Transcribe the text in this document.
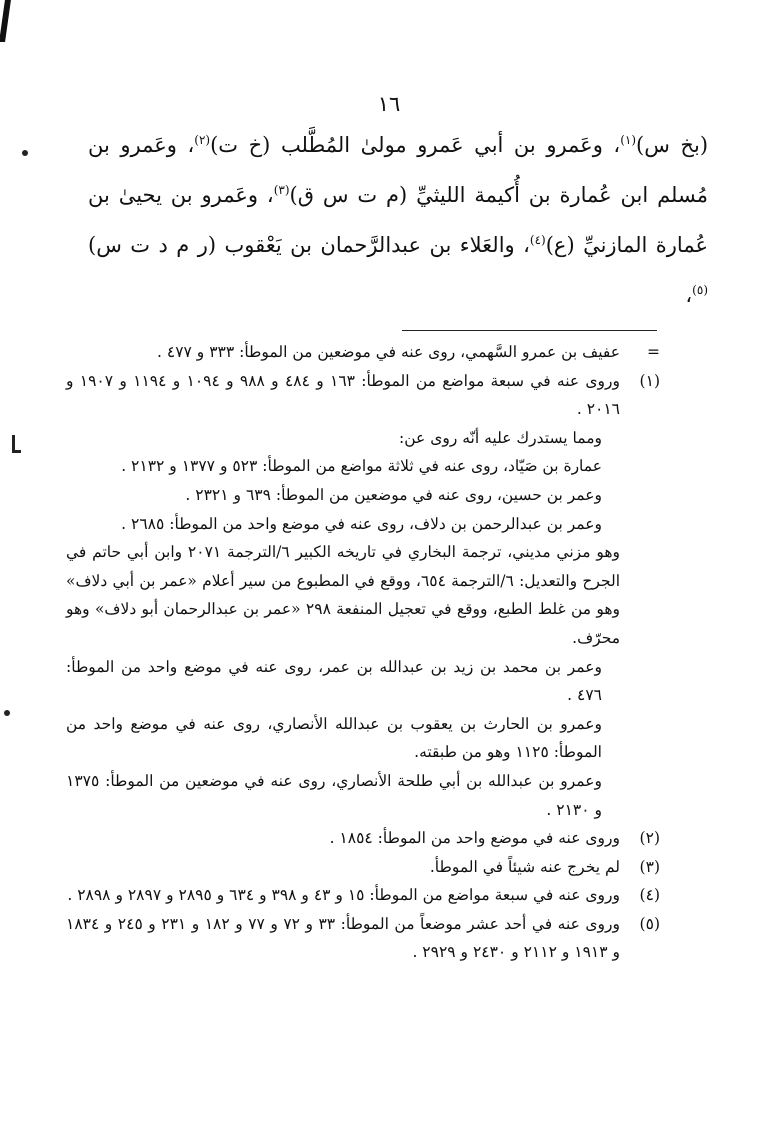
١٦

(بخ س)$^{(١)}$، وعَمرو بن أبي عَمرو مولىٰ المُطَّلب (خ ت)$^{(٢)}$، وعَمرو بن مُسلم ابن عُمارة بن أُكيمة الليثيِّ (م ت س ق)$^{(٣)}$، وعَمرو بن يحيىٰ بن عُمارة المازنيِّ (ع)$^{(٤)}$، والعَلاء بن عبدالرَّحمان بن يَعْقوب (ر م د ت س)$^{(٥)}$،

=
عفيف بن عمرو السَّهمي، روى عنه في موضعين من الموطأ: ٣٣٣ و ٤٧٧ .
(١)
وروى عنه في سبعة مواضع من الموطأ: ١٦٣ و ٤٨٤ و ٩٨٨ و ١٠٩٤ و ١١٩٤ و ١٩٠٧ و ٢٠١٦ .

ومما يستدرك عليه أنّه روى عن:

عمارة بن صَيّاد، روى عنه في ثلاثة مواضع من الموطأ: ٥٢٣ و ١٣٧٧ و ٢١٣٢ .

وعمر بن حسين، روى عنه في موضعين من الموطأ: ٦٣٩ و ٢٣٢١ .

وعمر بن عبدالرحمن بن دلاف، روى عنه في موضع واحد من الموطأ: ٢٦٨٥ .

وهو مزني مديني، ترجمة البخاري في تاريخه الكبير ٦/الترجمة ٢٠٧١ وابن أبي حاتم في الجرح والتعديل: ٦/الترجمة ٦٥٤، ووقع في المطبوع من سير أعلام «عمر بن أبي دلاف» وهو من غلط الطبع، ووقع في تعجيل المنفعة ٢٩٨ «عمر بن عبدالرحمان أبو دلاف» وهو محرّف.

وعمر بن محمد بن زيد بن عبدالله بن عمر، روى عنه في موضع واحد من الموطأ: ٤٧٦ .

وعمرو بن الحارث بن يعقوب بن عبدالله الأنصاري، روى عنه في موضع واحد من الموطأ: ١١٢٥ وهو من طبقته.

وعمرو بن عبدالله بن أبي طلحة الأنصاري، روى عنه في موضعين من الموطأ: ١٣٧٥ و ٢١٣٠ .

(٢)
وروى عنه في موضع واحد من الموطأ: ١٨٥٤ .
(٣)
لم يخرج عنه شيئاً في الموطأ.
(٤)
وروى عنه في سبعة مواضع من الموطأ: ١٥ و ٤٣ و ٣٩٨ و ٦٣٤ و ٢٨٩٥ و ٢٨٩٧ و ٢٨٩٨ .
(٥)
وروى عنه في أحد عشر موضعاً من الموطأ: ٣٣ و ٧٢ و ٧٧ و ١٨٢ و ٢٣١ و ٢٤٥ و ١٨٣٤ و ١٩١٣ و ٢١١٢ و ٢٤٣٠ و ٢٩٢٩ .
